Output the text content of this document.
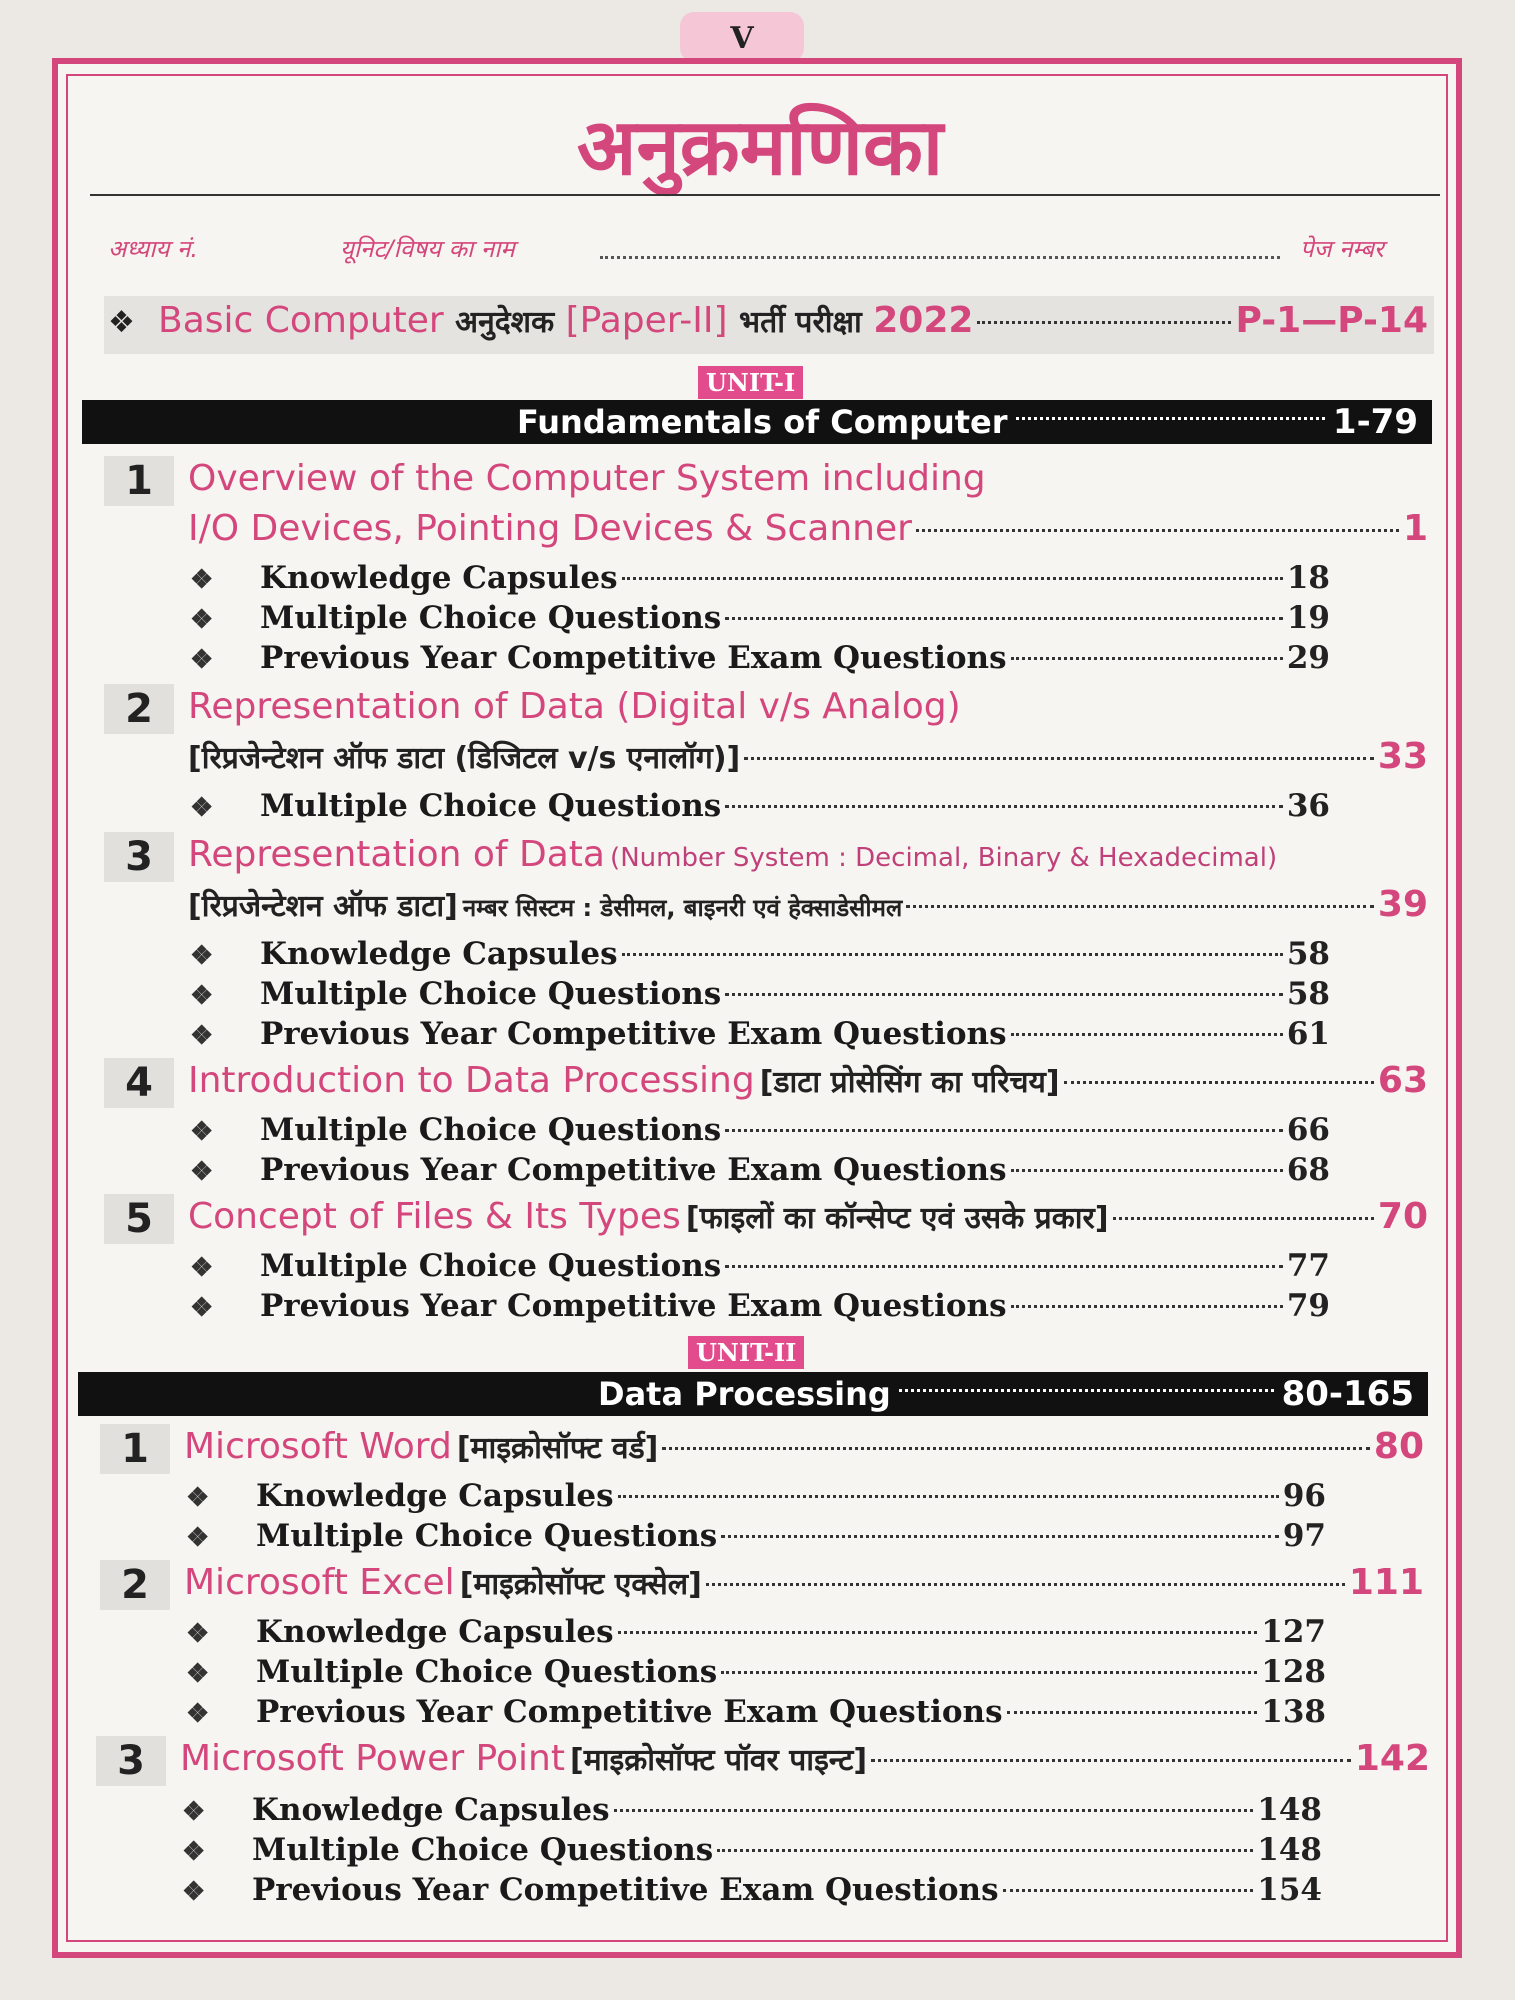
V
अनुक्रमणिका
अध्याय नं.	यूनिट/विषय का नाम	पेज नम्बर
❖ Basic Computer
अनुदेशक
[Paper-II]
भर्ती परीक्षा
2022	P-1—P-14
UNIT-I
Fundamentals of Computer	1-79
1 Overview of the Computer System including
I/O Devices, Pointing Devices & Scanner	1
❖	Knowledge Capsules	18
❖	Multiple Choice Questions	19
❖	Previous Year Competitive Exam Questions	29
2 Representation of Data (Digital v/s Analog)
[रिप्रजेन्टेशन ऑफ डाटा (डिजिटल v/s एनालॉग)]	33
❖	Multiple Choice Questions	36
3 Representation of Data
(Number System : Decimal, Binary & Hexadecimal)
[रिप्रजेन्टेशन ऑफ डाटा]
नम्बर सिस्टम : डेसीमल, बाइनरी एवं हेक्साडेसीमल	39
❖	Knowledge Capsules	58
❖	Multiple Choice Questions	58
❖	Previous Year Competitive Exam Questions	61
4 Introduction to Data Processing
[डाटा प्रोसेसिंग का परिचय]	63
❖	Multiple Choice Questions	66
❖	Previous Year Competitive Exam Questions	68
5 Concept of Files & Its Types
[फाइलों का कॉन्सेप्ट एवं उसके प्रकार]	70
❖	Multiple Choice Questions	77
❖	Previous Year Competitive Exam Questions	79
UNIT-II
Data Processing	80-165
1 Microsoft Word
[माइक्रोसॉफ्ट वर्ड]	80
❖	Knowledge Capsules	96
❖	Multiple Choice Questions	97
2 Microsoft Excel
[माइक्रोसॉफ्ट एक्सेल]	111
❖	Knowledge Capsules	127
❖	Multiple Choice Questions	128
❖	Previous Year Competitive Exam Questions	138
3 Microsoft Power Point
[माइक्रोसॉफ्ट पॉवर पाइन्ट]	142
❖	Knowledge Capsules	148
❖	Multiple Choice Questions	148
❖	Previous Year Competitive Exam Questions	154
